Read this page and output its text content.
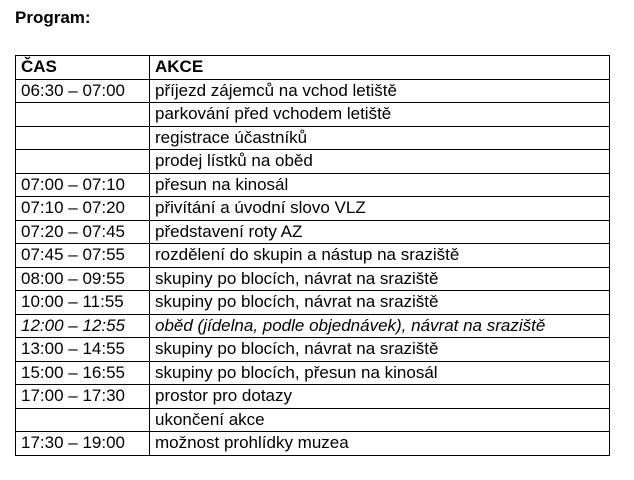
Program:
ČAS	AKCE
06:30 – 07:00	příjezd zájemců na vchod letiště
	parkování před vchodem letiště
	registrace účastníků
	prodej lístků na oběd
07:00 – 07:10	přesun na kinosál
07:10 – 07:20	přivítání a úvodní slovo VLZ
07:20 – 07:45	představení roty AZ
07:45 – 07:55	rozdělení do skupin a nástup na sraziště
08:00 – 09:55	skupiny po blocích, návrat na sraziště
10:00 – 11:55	skupiny po blocích, návrat na sraziště
12:00 – 12:55	oběd (jídelna, podle objednávek), návrat na sraziště
13:00 – 14:55	skupiny po blocích, návrat na sraziště
15:00 – 16:55	skupiny po blocích, přesun na kinosál
17:00 – 17:30	prostor pro dotazy
	ukončení akce
17:30 – 19:00	možnost prohlídky muzea
